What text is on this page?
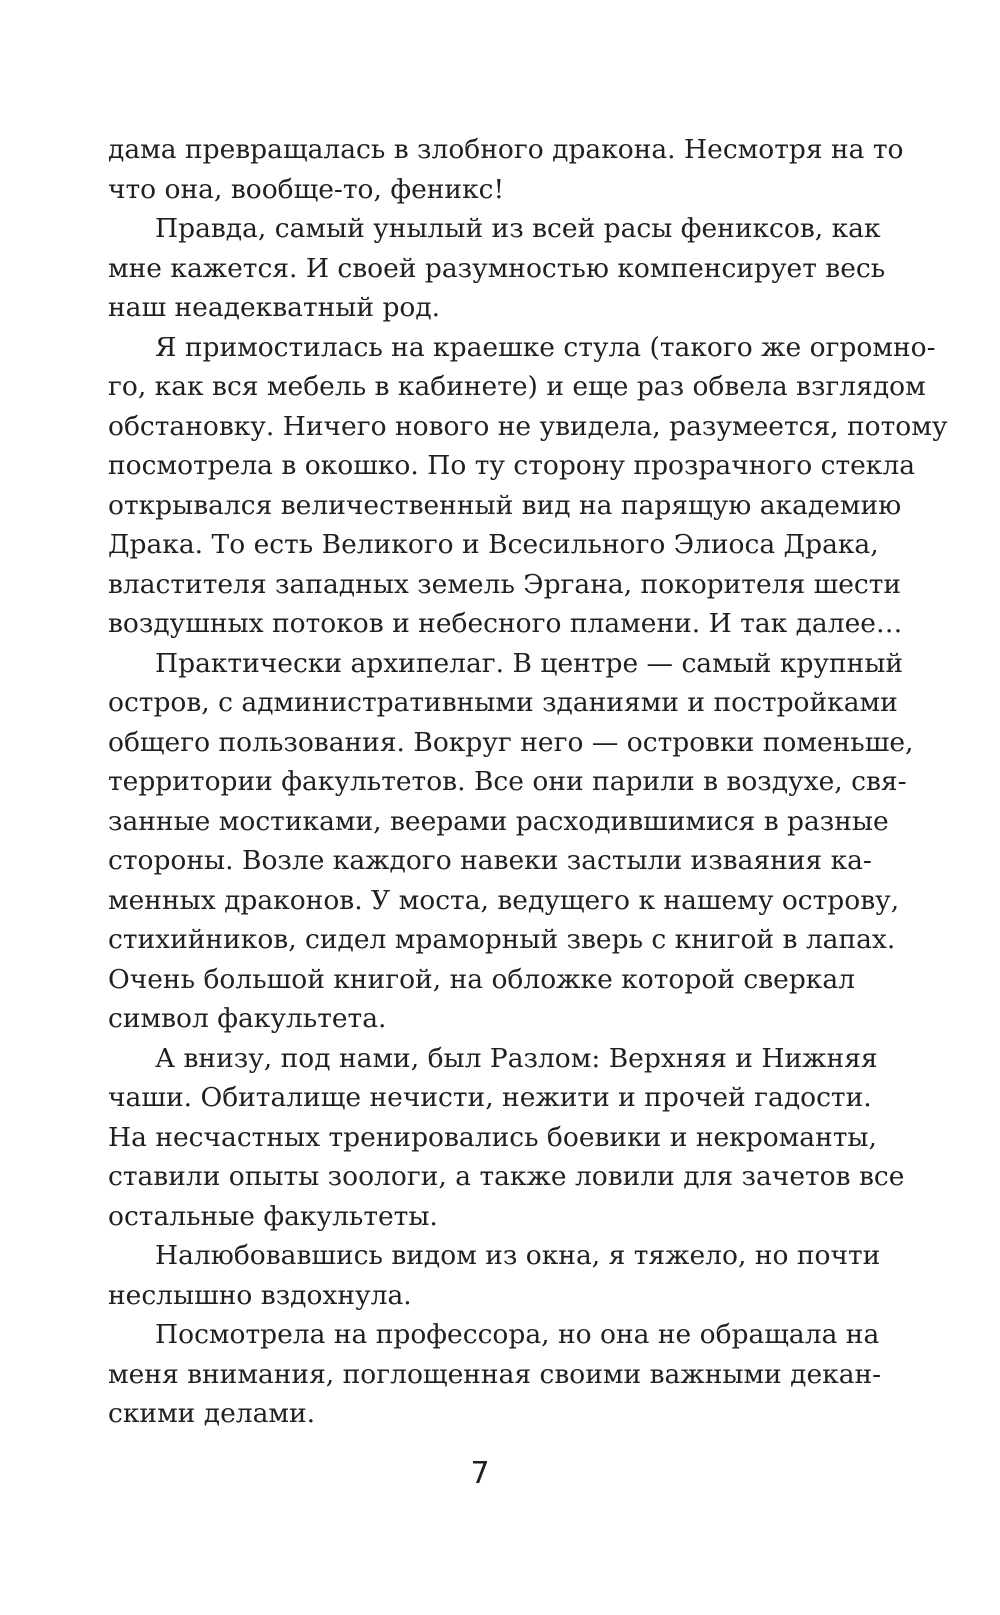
дама превращалась в злобного дракона. Несмотря на то
что она, вообще-то, феникс!
Правда, самый унылый из всей расы фениксов, как
мне кажется. И своей разумностью компенсирует весь
наш неадекватный род.
Я примостилась на краешке стула (такого же огромно-
го, как вся мебель в кабинете) и еще раз обвела взглядом
обстановку. Ничего нового не увидела, разумеется, потому
посмотрела в окошко. По ту сторону прозрачного стекла
открывался величественный вид на парящую академию
Драка. То есть Великого и Всесильного Элиоса Драка,
властителя западных земель Эргана, покорителя шести
воздушных потоков и небесного пламени. И так далее…
Практически архипелаг. В центре — самый крупный
остров, с административными зданиями и постройками
общего пользования. Вокруг него — островки поменьше,
территории факультетов. Все они парили в воздухе, свя-
занные мостиками, веерами расходившимися в разные
стороны. Возле каждого навеки застыли изваяния ка-
менных драконов. У моста, ведущего к нашему острову,
стихийников, сидел мраморный зверь с книгой в лапах.
Очень большой книгой, на обложке которой сверкал
символ факультета.
А внизу, под нами, был Разлом: Верхняя и Нижняя
чаши. Обиталище нечисти, нежити и прочей гадости.
На несчастных тренировались боевики и некроманты,
ставили опыты зоологи, а также ловили для зачетов все
остальные факультеты.
Налюбовавшись видом из окна, я тяжело, но почти
неслышно вздохнула.
Посмотрела на профессора, но она не обращала на
меня внимания, поглощенная своими важными декан-
скими делами.
7
